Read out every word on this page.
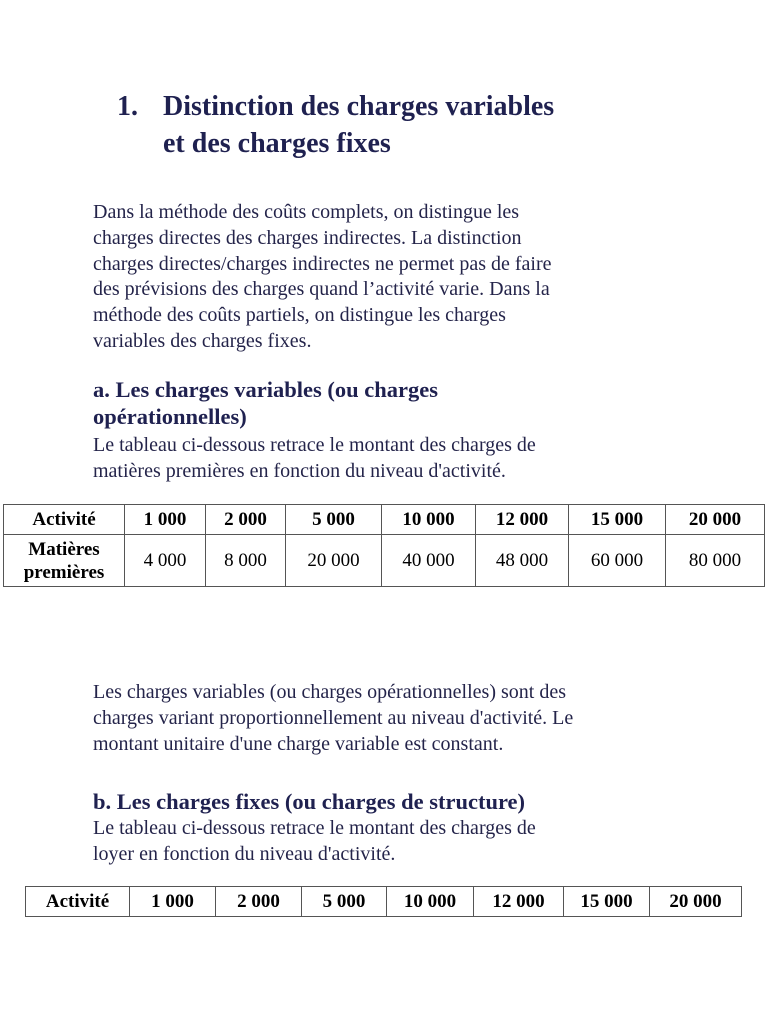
1. Distinction des charges variables
et des charges fixes
Dans la méthode des coûts complets, on distingue les
charges directes des charges indirectes. La distinction
charges directes/charges indirectes ne permet pas de faire
des prévisions des charges quand l’activité varie. Dans la
méthode des coûts partiels, on distingue les charges
variables des charges fixes.
a. Les charges variables (ou charges
opérationnelles)
Le tableau ci-dessous retrace le montant des charges de
matières premières en fonction du niveau d'activité.
Activité	1 000	2 000	5 000	10 000	12 000	15 000	20 000

Matières
premières	4 000	8 000	20 000	40 000	48 000	60 000	80 000
Les charges variables (ou charges opérationnelles) sont des
charges variant proportionnellement au niveau d'activité. Le
montant unitaire d'une charge variable est constant.
b. Les charges fixes (ou charges de structure)
Le tableau ci-dessous retrace le montant des charges de
loyer en fonction du niveau d'activité.
Activité	1 000	2 000	5 000	10 000	12 000	15 000	20 000
